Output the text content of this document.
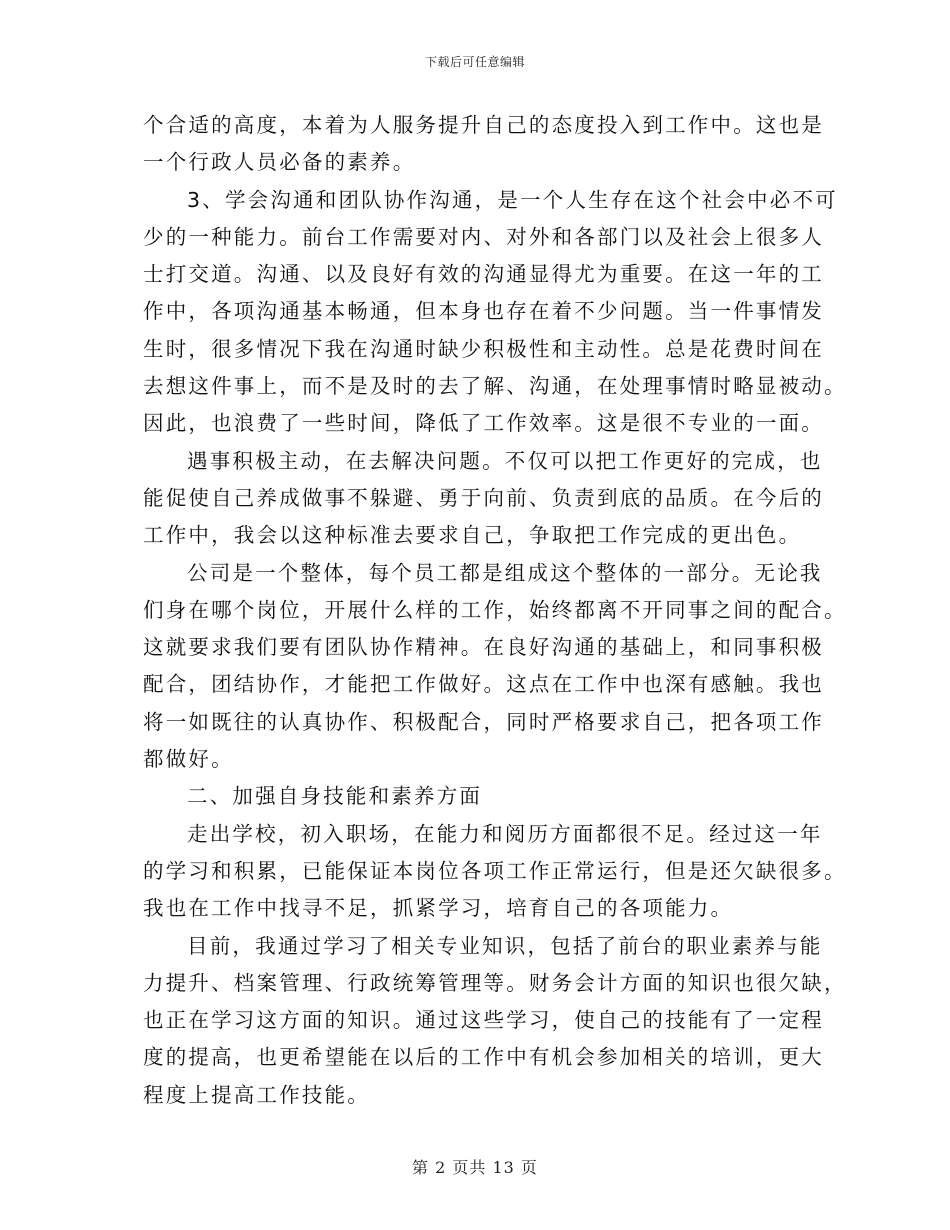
下载后可任意编辑
个合适的高度，本着为人服务提升自己的态度投入到工作中。这也是
一个行政人员必备的素养。
3、学会沟通和团队协作沟通，是一个人生存在这个社会中必不可
少的一种能力。前台工作需要对内、对外和各部门以及社会上很多人
士打交道。沟通、以及良好有效的沟通显得尤为重要。在这一年的工
作中，各项沟通基本畅通，但本身也存在着不少问题。当一件事情发
生时，很多情况下我在沟通时缺少积极性和主动性。总是花费时间在
去想这件事上，而不是及时的去了解、沟通，在处理事情时略显被动。
因此，也浪费了一些时间，降低了工作效率。这是很不专业的一面。
遇事积极主动，在去解决问题。不仅可以把工作更好的完成，也
能促使自己养成做事不躲避、勇于向前、负责到底的品质。在今后的
工作中，我会以这种标准去要求自己，争取把工作完成的更出色。
公司是一个整体，每个员工都是组成这个整体的一部分。无论我
们身在哪个岗位，开展什么样的工作，始终都离不开同事之间的配合。
这就要求我们要有团队协作精神。在良好沟通的基础上，和同事积极
配合，团结协作，才能把工作做好。这点在工作中也深有感触。我也
将一如既往的认真协作、积极配合，同时严格要求自己，把各项工作
都做好。
二、加强自身技能和素养方面
走出学校，初入职场，在能力和阅历方面都很不足。经过这一年
的学习和积累，已能保证本岗位各项工作正常运行，但是还欠缺很多。
我也在工作中找寻不足，抓紧学习，培育自己的各项能力。
目前，我通过学习了相关专业知识，包括了前台的职业素养与能
力提升、档案管理、行政统筹管理等。财务会计方面的知识也很欠缺，
也正在学习这方面的知识。通过这些学习，使自己的技能有了一定程
度的提高，也更希望能在以后的工作中有机会参加相关的培训，更大
程度上提高工作技能。
第 2 页共 13 页
